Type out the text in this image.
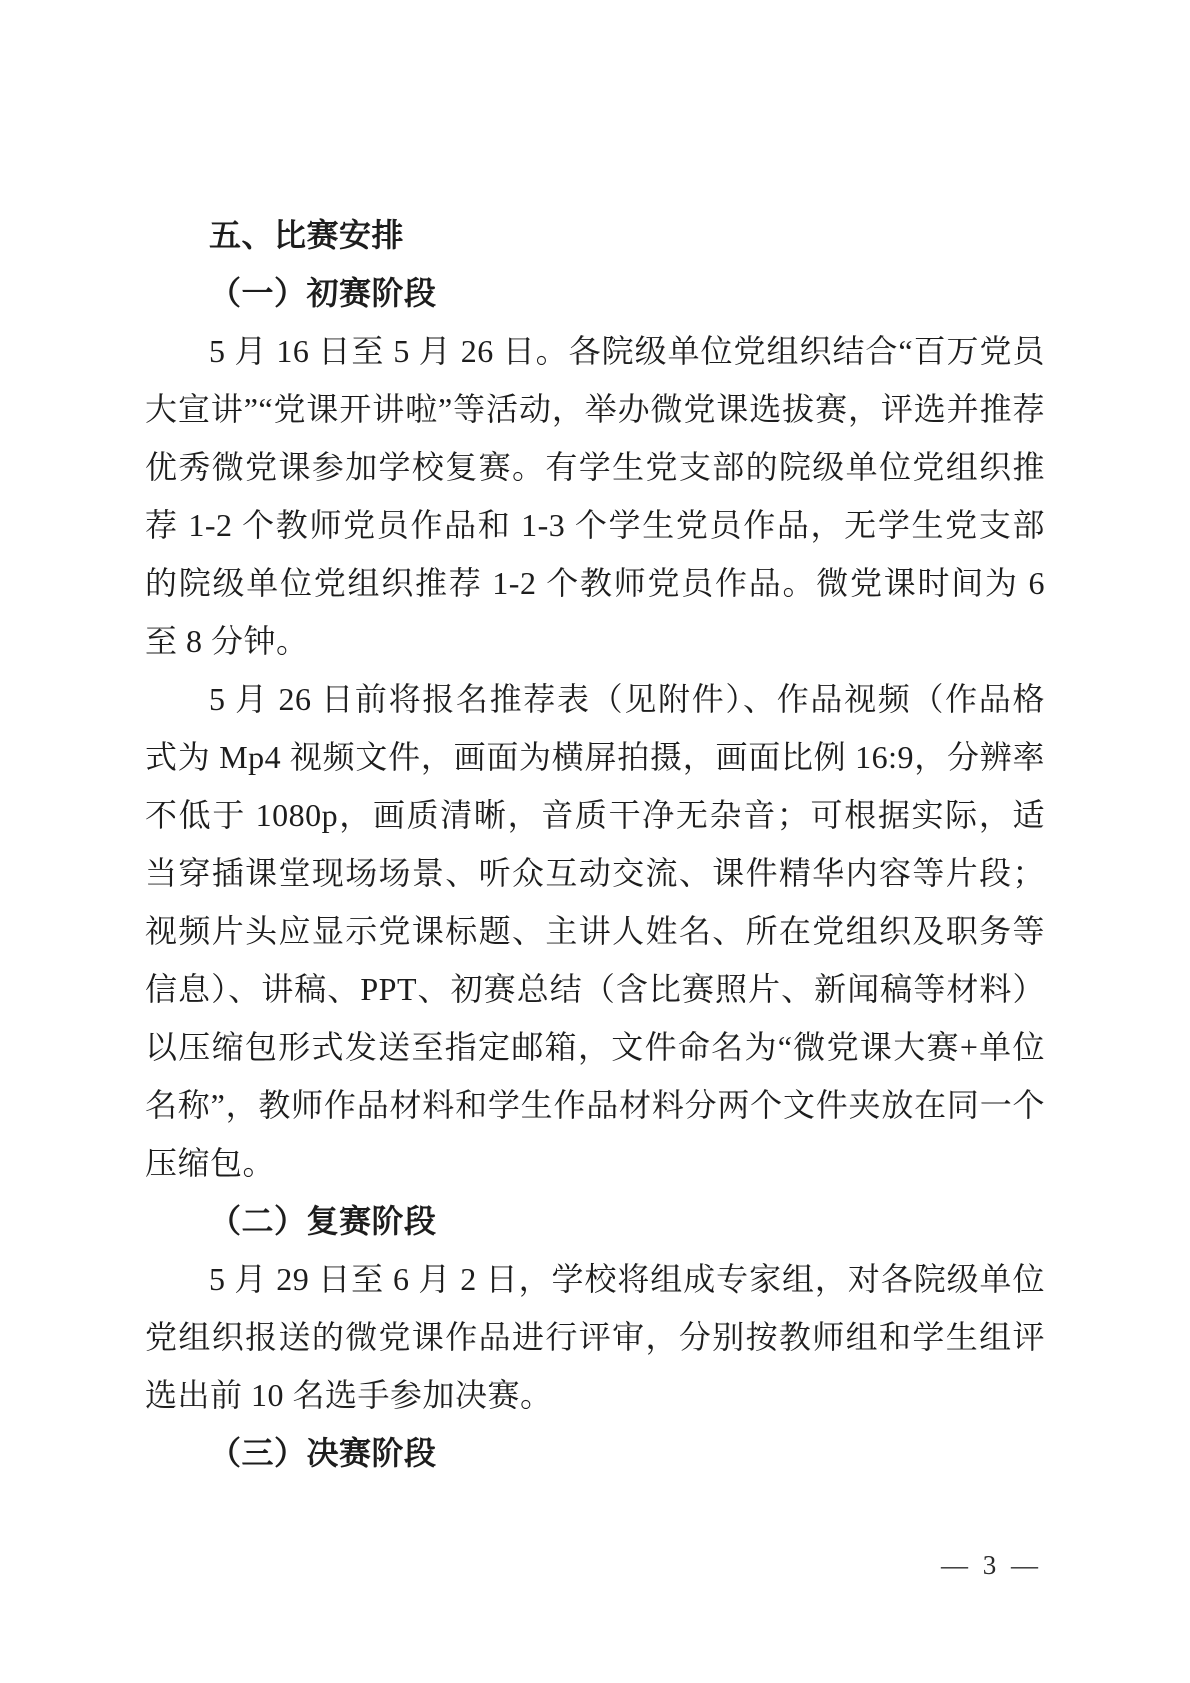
五、比赛安排
（一）初赛阶段

5 月 16 日至 5 月 26 日。各院级单位党组织结合“百万党员大宣讲”“党课开讲啦”等活动，举办微党课选拔赛，评选并推荐优秀微党课参加学校复赛。有学生党支部的院级单位党组织推荐 1-2 个教师党员作品和 1-3 个学生党员作品，无学生党支部的院级单位党组织推荐 1-2 个教师党员作品。微党课时间为 6 至 8 分钟。

5 月 26 日前将报名推荐表（见附件）、作品视频（作品格式为 Mp4 视频文件，画面为横屏拍摄，画面比例 16:9，分辨率不低于 1080p，画质清晰，音质干净无杂音；可根据实际，适当穿插课堂现场场景、听众互动交流、课件精华内容等片段；视频片头应显示党课标题、主讲人姓名、所在党组织及职务等信息）、讲稿、PPT、初赛总结（含比赛照片、新闻稿等材料）以压缩包形式发送至指定邮箱，文件命名为“微党课大赛+单位名称”，教师作品材料和学生作品材料分两个文件夹放在同一个压缩包。

（二）复赛阶段

5 月 29 日至 6 月 2 日，学校将组成专家组，对各院级单位党组织报送的微党课作品进行评审，分别按教师组和学生组评选出前 10 名选手参加决赛。

（三）决赛阶段
— 3 —
